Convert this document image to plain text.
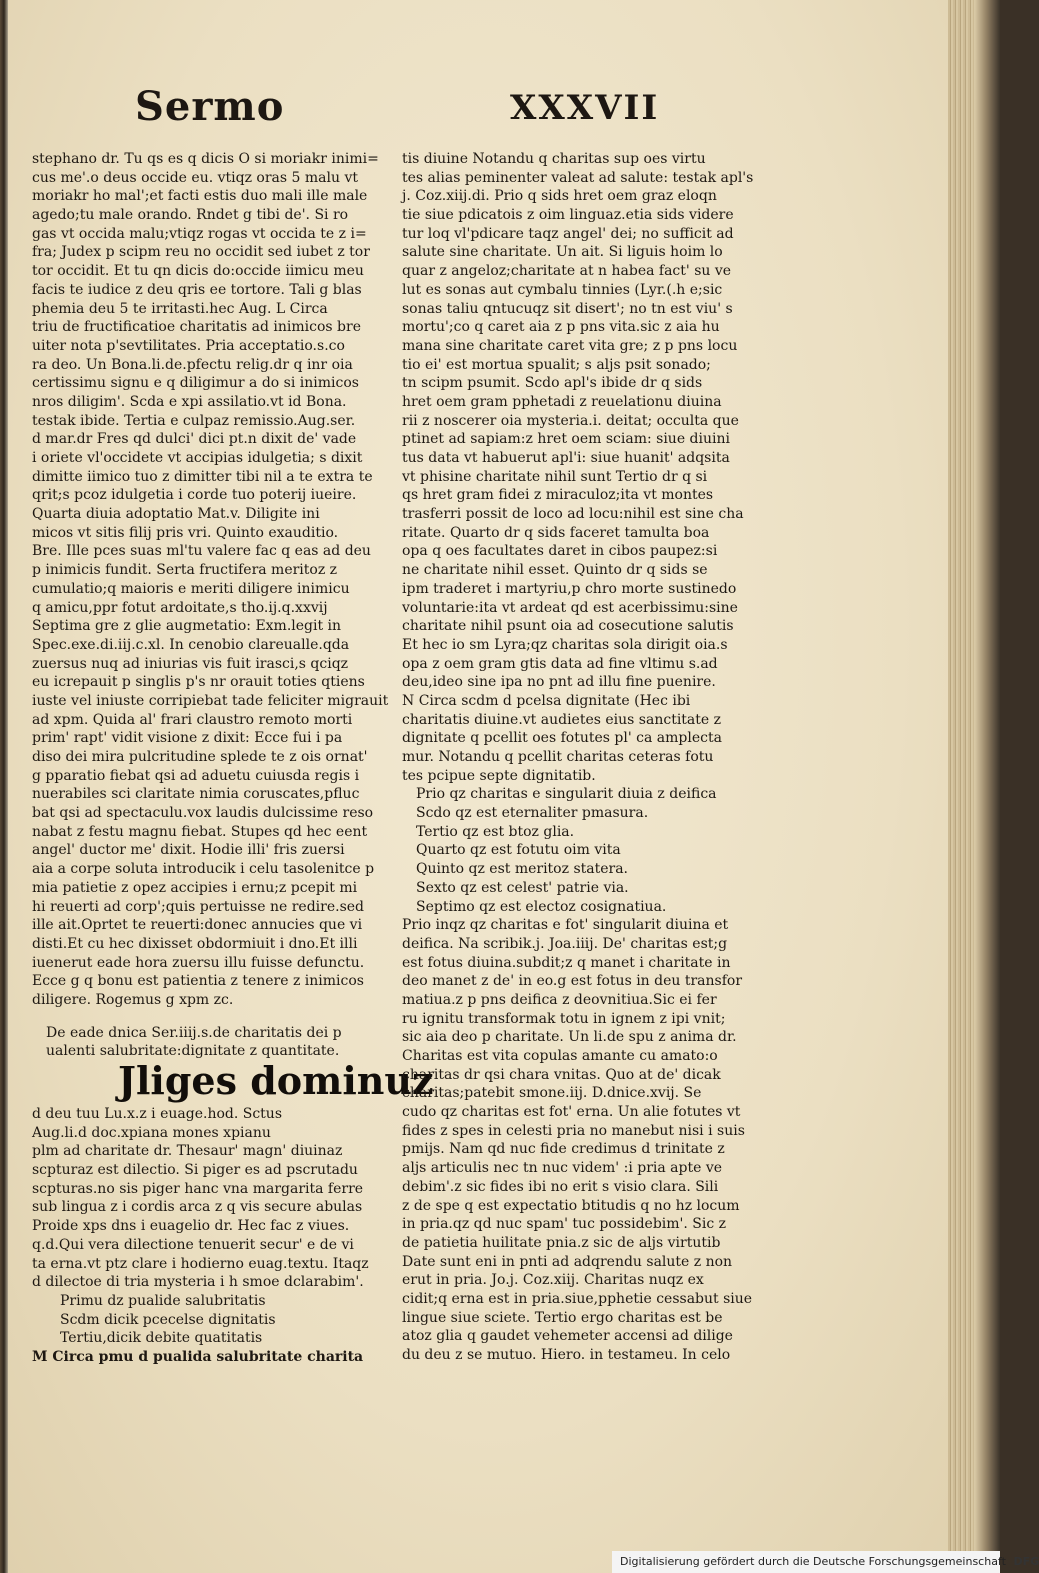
Sermo	XXXVII
stephano dr. Tu qs es q dicis O si moriakr inimi=
cus me'.o deus occide eu. vtiqz oras 5 malu vt
moriakr ho mal';et facti estis duo mali ille male
agedo;tu male orando. Rndet g tibi de'. Si ro
gas vt occida malu;vtiqz rogas vt occida te z i=
fra; Judex p scipm reu no occidit sed iubet z tor
tor occidit. Et tu qn dicis do:occide iimicu meu
facis te iudice z deu qris ee tortore. Tali g blas
phemia deu 5 te irritasti.hec Aug. L Circa
triu de fructificatioe charitatis ad inimicos bre
uiter nota p'sevtilitates. Pria acceptatio.s.co
ra deo. Un Bona.li.de.pfectu relig.dr q inr oia
certissimu signu e q diligimur a do si inimicos
nros diligim'. Scda e xpi assilatio.vt id Bona.
testak ibide. Tertia e culpaz remissio.Aug.ser.
d mar.dr Fres qd dulci' dici pt.n dixit de' vade
i oriete vl'occidete vt accipias idulgetia; s dixit
dimitte iimico tuo z dimitter tibi nil a te extra te
qrit;s pcoz idulgetia i corde tuo poterij iueire.
Quarta diuia adoptatio Mat.v. Diligite ini
micos vt sitis filij pris vri. Quinto exauditio.
Bre. Ille pces suas ml'tu valere fac q eas ad deu
p inimicis fundit. Serta fructifera meritoz z
cumulatio;q maioris e meriti diligere inimicu
q amicu,ppr fotut ardoitate,s tho.ij.q.xxvij
Septima gre z glie augmetatio: Exm.legit in
Spec.exe.di.iij.c.xl. In cenobio clareualle.qda
zuersus nuq ad iniurias vis fuit irasci,s qciqz
eu icrepauit p singlis p's nr orauit toties qtiens
iuste vel iniuste corripiebat tade feliciter migrauit
ad xpm. Quida al' frari claustro remoto morti
prim' rapt' vidit visione z dixit: Ecce fui i pa
diso dei mira pulcritudine splede te z ois ornat'
g pparatio fiebat qsi ad aduetu cuiusda regis i
nuerabiles sci claritate nimia coruscates,pfluc
bat qsi ad spectaculu.vox laudis dulcissime reso
nabat z festu magnu fiebat. Stupes qd hec eent
angel' ductor me' dixit. Hodie illi' fris zuersi
aia a corpe soluta introducik i celu tasolenitce p
mia patietie z opez accipies i ernu;z pcepit mi
hi reuerti ad corp';quis pertuisse ne redire.sed
ille ait.Oprtet te reuerti:donec annucies que vi
disti.Et cu hec dixisset obdormiuit i dno.Et illi
iuenerut eade hora zuersu illu fuisse defunctu.
Ecce g q bonu est patientia z tenere z inimicos
diligere. Rogemus g xpm zc.
De eade dnica Ser.iiij.s.de charitatis dei p
ualenti salubritate:dignitate z quantitate.
Jliges dominuz
d deu tuu Lu.x.z i euage.hod. Sctus
Aug.li.d doc.xpiana mones xpianu
plm ad charitate dr. Thesaur' magn' diuinaz
scpturaz est dilectio. Si piger es ad pscrutadu
scpturas.no sis piger hanc vna margarita ferre
sub lingua z i cordis arca z q vis secure abulas
Proide xps dns i euagelio dr. Hec fac z viues.
q.d.Qui vera dilectione tenuerit secur' e de vi
ta erna.vt ptz clare i hodierno euag.textu. Itaqz
d dilectoe di tria mysteria i h smoe dclarabim'.
Primu dz pualide salubritatis
Scdm dicik pcecelse dignitatis
Tertiu,dicik debite quatitatis
M Circa pmu d pualida salubritate charita
tis diuine Notandu q charitas sup oes virtu
tes alias peminenter valeat ad salute: testak apl's
j. Coz.xiij.di. Prio q sids hret oem graz eloqn
tie siue pdicatois z oim linguaz.etia sids videre
tur loq vl'pdicare taqz angel' dei; no sufficit ad
salute sine charitate. Un ait. Si liguis hoim lo
quar z angeloz;charitate at n habea fact' su ve
lut es sonas aut cymbalu tinnies (Lyr.(.h e;sic
sonas taliu qntucuqz sit disert'; no tn est viu' s
mortu';co q caret aia z p pns vita.sic z aia hu
mana sine charitate caret vita gre; z p pns locu
tio ei' est mortua spualit; s aljs psit sonado;
tn scipm psumit. Scdo apl's ibide dr q sids
hret oem gram pphetadi z reuelationu diuina
rii z noscerer oia mysteria.i. deitat; occulta que
ptinet ad sapiam:z hret oem sciam: siue diuini
tus data vt habuerut apl'i: siue huanit' adqsita
vt phisine charitate nihil sunt Tertio dr q si
qs hret gram fidei z miraculoz;ita vt montes
trasferri possit de loco ad locu:nihil est sine cha
ritate. Quarto dr q sids faceret tamulta boa
opa q oes facultates daret in cibos paupez:si
ne charitate nihil esset. Quinto dr q sids se
ipm traderet i martyriu,p chro morte sustinedo
voluntarie:ita vt ardeat qd est acerbissimu:sine
charitate nihil psunt oia ad cosecutione salutis
Et hec io sm Lyra;qz charitas sola dirigit oia.s
opa z oem gram gtis data ad fine vltimu s.ad
deu,ideo sine ipa no pnt ad illu fine puenire.
N Circa scdm d pcelsa dignitate (Hec ibi
charitatis diuine.vt audietes eius sanctitate z
dignitate q pcellit oes fotutes pl' ca amplecta
mur. Notandu q pcellit charitas ceteras fotu
tes pcipue septe dignitatib.
Prio qz charitas e singularit diuia z deifica
Scdo qz est eternaliter pmasura.
Tertio qz est btoz glia.
Quarto qz est fotutu oim vita
Quinto qz est meritoz statera.
Sexto qz est celest' patrie via.
Septimo qz est electoz cosignatiua.
Prio inqz qz charitas e fot' singularit diuina et
deifica. Na scribik.j. Joa.iiij. De' charitas est;g
est fotus diuina.subdit;z q manet i charitate in
deo manet z de' in eo.g est fotus in deu transfor
matiua.z p pns deifica z deovnitiua.Sic ei fer
ru ignitu transformak totu in ignem z ipi vnit;
sic aia deo p charitate. Un li.de spu z anima dr.
Charitas est vita copulas amante cu amato:o
charitas dr qsi chara vnitas. Quo at de' dicak
charitas;patebit smone.iij. D.dnice.xvij. Se
cudo qz charitas est fot' erna. Un alie fotutes vt
fides z spes in celesti pria no manebut nisi i suis
pmijs. Nam qd nuc fide credimus d trinitate z
aljs articulis nec tn nuc videm' :i pria apte ve
debim'.z sic fides ibi no erit s visio clara. Sili
z de spe q est expectatio btitudis q no hz locum
in pria.qz qd nuc spam' tuc possidebim'. Sic z
de patietia huilitate pnia.z sic de aljs virtutib
Date sunt eni in pnti ad adqrendu salute z non
erut in pria. Jo.j. Coz.xiij. Charitas nuqz ex
cidit;q erna est in pria.siue,pphetie cessabut siue
lingue siue sciete. Tertio ergo charitas est be
atoz glia q gaudet vehemeter accensi ad dilige
du deu z se mutuo. Hiero. in testameu. In celo
Digitalisierung gefördert durch die Deutsche Forschungsgemeinschaft DFG
